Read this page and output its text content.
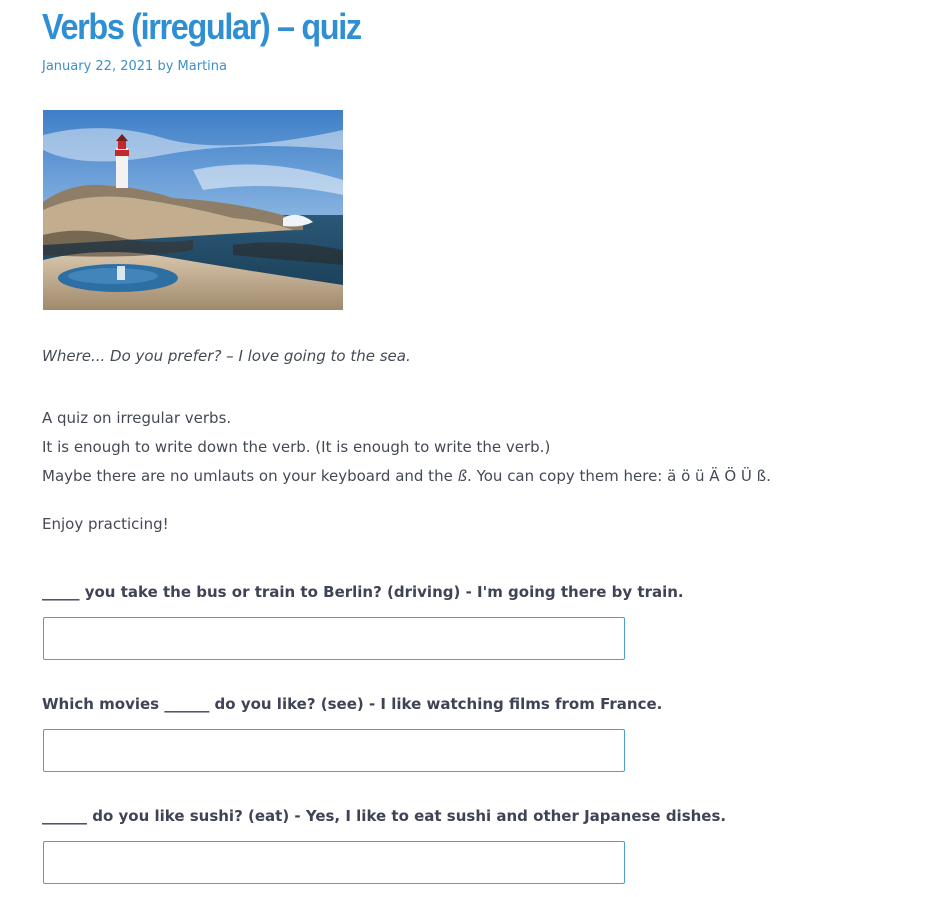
Verbs (irregular) – quiz
January 22, 2021 by Martina
Where... Do you prefer? – I love going to the sea.

A quiz on irregular verbs.

It is enough to write down the verb. (It is enough to write the verb.)

Maybe there are no umlauts on your keyboard and the ß. You can copy them here: ä ö ü Ä Ö Ü ß.

Enjoy practicing!
_____ you take the bus or train to Berlin? (driving) - I'm going there by train.
Which movies ______ do you like? (see) - I like watching films from France.
______ do you like sushi? (eat) - Yes, I like to eat sushi and other Japanese dishes.
